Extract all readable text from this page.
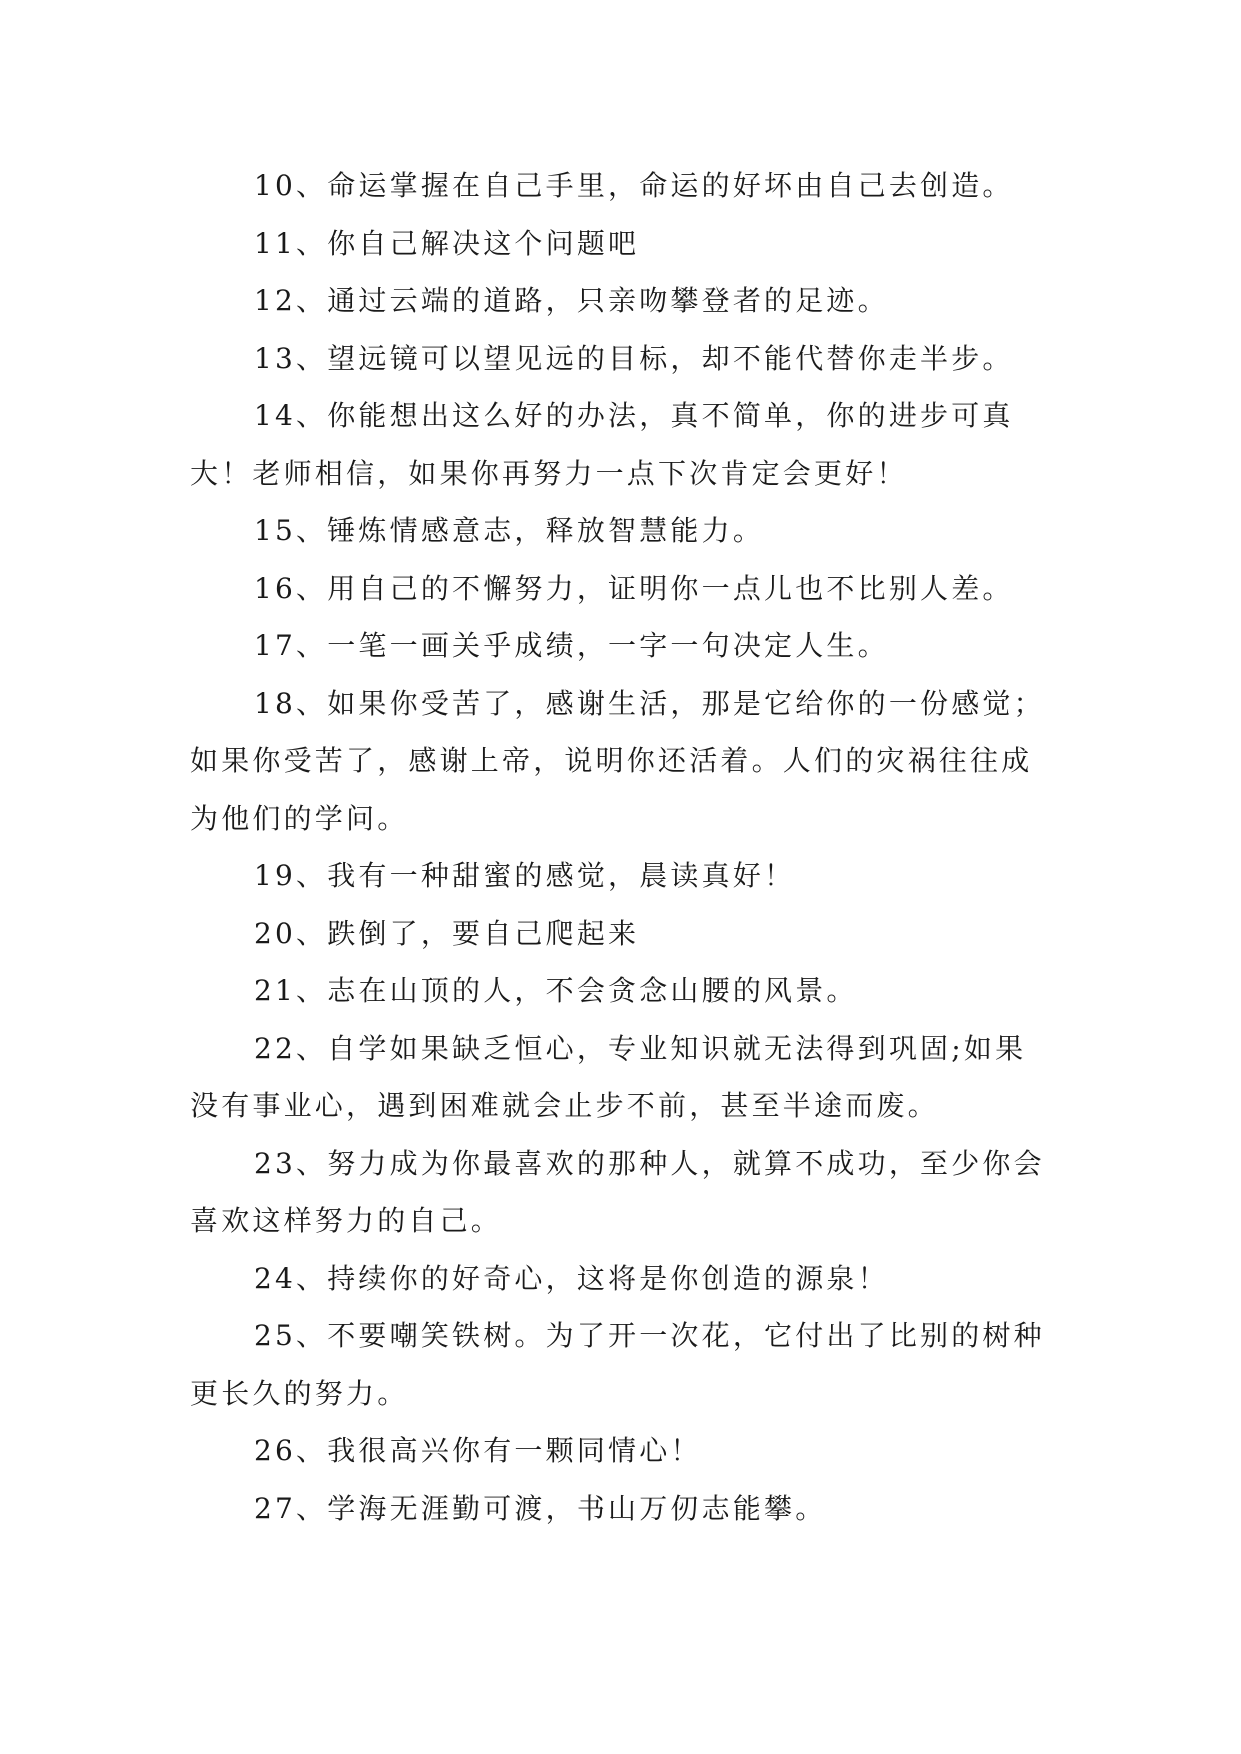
10、命运掌握在自己手里，命运的好坏由自己去创造。

11、你自己解决这个问题吧

12、通过云端的道路，只亲吻攀登者的足迹。

13、望远镜可以望见远的目标，却不能代替你走半步。

14、你能想出这么好的办法，真不简单，你的进步可真大！老师相信，如果你再努力一点下次肯定会更好！

15、锤炼情感意志，释放智慧能力。

16、用自己的不懈努力，证明你一点儿也不比别人差。

17、一笔一画关乎成绩，一字一句决定人生。

18、如果你受苦了，感谢生活，那是它给你的一份感觉；如果你受苦了，感谢上帝，说明你还活着。人们的灾祸往往成为他们的学问。

19、我有一种甜蜜的感觉，晨读真好！

20、跌倒了，要自己爬起来

21、志在山顶的人，不会贪念山腰的风景。

22、自学如果缺乏恒心，专业知识就无法得到巩固;如果没有事业心，遇到困难就会止步不前，甚至半途而废。

23、努力成为你最喜欢的那种人，就算不成功，至少你会喜欢这样努力的自己。

24、持续你的好奇心，这将是你创造的源泉！

25、不要嘲笑铁树。为了开一次花，它付出了比别的树种更长久的努力。

26、我很高兴你有一颗同情心！

27、学海无涯勤可渡，书山万仞志能攀。
